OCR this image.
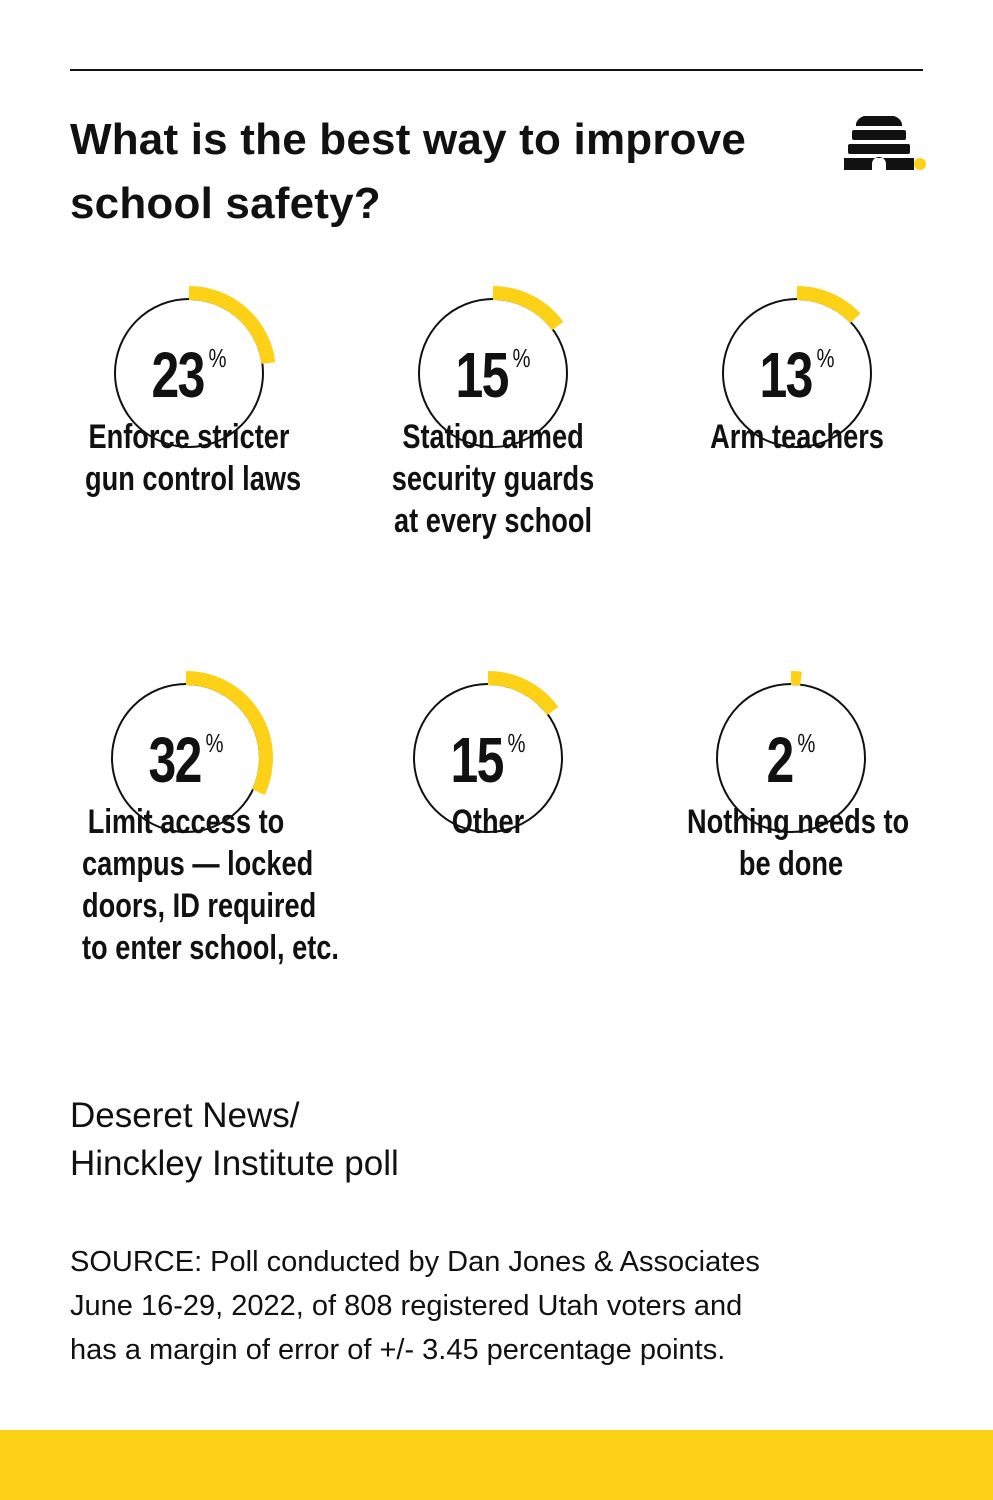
What is the best way to improve
school safety?
23 %
Enforce stricter
gun control laws
15 %
Station armed
security guards
at every school
13 %
Arm teachers
32 %
Limit access to
campus — locked
doors, ID required
to enter school, etc.
15 %
Other
2 %
Nothing needs to
be done

Deseret News/
Hinckley Institute poll

SOURCE: Poll conducted by Dan Jones & Associates
June 16-29, 2022, of 808 registered Utah voters and
has a margin of error of +/- 3.45 percentage points.
